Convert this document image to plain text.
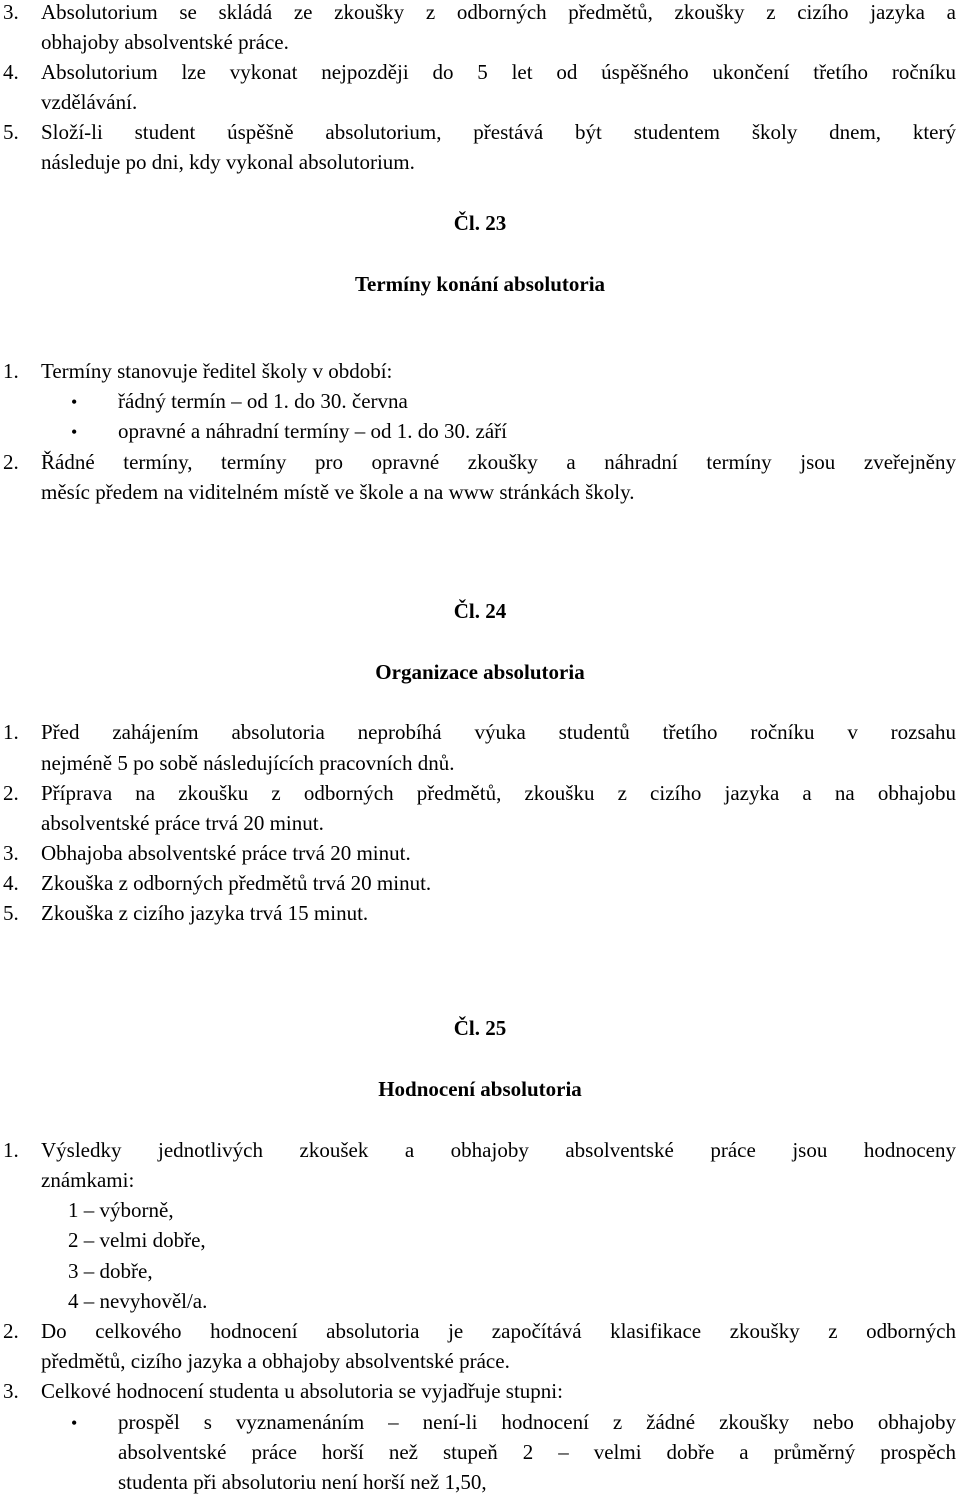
3. Absolutorium se skládá ze zkoušky z odborných předmětů, zkoušky z cizího jazyka a
obhajoby absolventské práce.
4. Absolutorium lze vykonat nejpozději do 5 let od úspěšného ukončení třetího ročníku
vzdělávání.
5. Složí-li student úspěšně absolutorium, přestává být studentem školy dnem, který
následuje po dni, kdy vykonal absolutorium.
Čl. 23
Termíny konání absolutoria
1. Termíny stanovuje ředitel školy v období:
•
řádný termín – od 1. do 30. června
•
opravné a náhradní termíny – od 1. do 30. září
2. Řádné termíny, termíny pro opravné zkoušky a náhradní termíny jsou zveřejněny
měsíc předem na viditelném místě ve škole a na www stránkách školy.
Čl. 24
Organizace absolutoria
1. Před zahájením absolutoria neprobíhá výuka studentů třetího ročníku v rozsahu
nejméně 5 po sobě následujících pracovních dnů.
2. Příprava na zkoušku z odborných předmětů, zkoušku z cizího jazyka a na obhajobu
absolventské práce trvá 20 minut.
3. Obhajoba absolventské práce trvá 20 minut.
4. Zkouška z odborných předmětů trvá 20 minut.
5. Zkouška z cizího jazyka trvá 15 minut.
Čl. 25
Hodnocení absolutoria
1. Výsledky jednotlivých zkoušek a obhajoby absolventské práce jsou hodnoceny
známkami:
1 – výborně,
2 – velmi dobře,
3 – dobře,
4 – nevyhověl/a.
2. Do celkového hodnocení absolutoria je započítává klasifikace zkoušky z odborných
předmětů, cizího jazyka a obhajoby absolventské práce.
3. Celkové hodnocení studenta u absolutoria se vyjadřuje stupni:
•
prospěl s vyznamenáním – není-li hodnocení z žádné zkoušky nebo obhajoby
absolventské práce horší než stupeň 2 – velmi dobře a průměrný prospěch
studenta při absolutoriu není horší než 1,50,
